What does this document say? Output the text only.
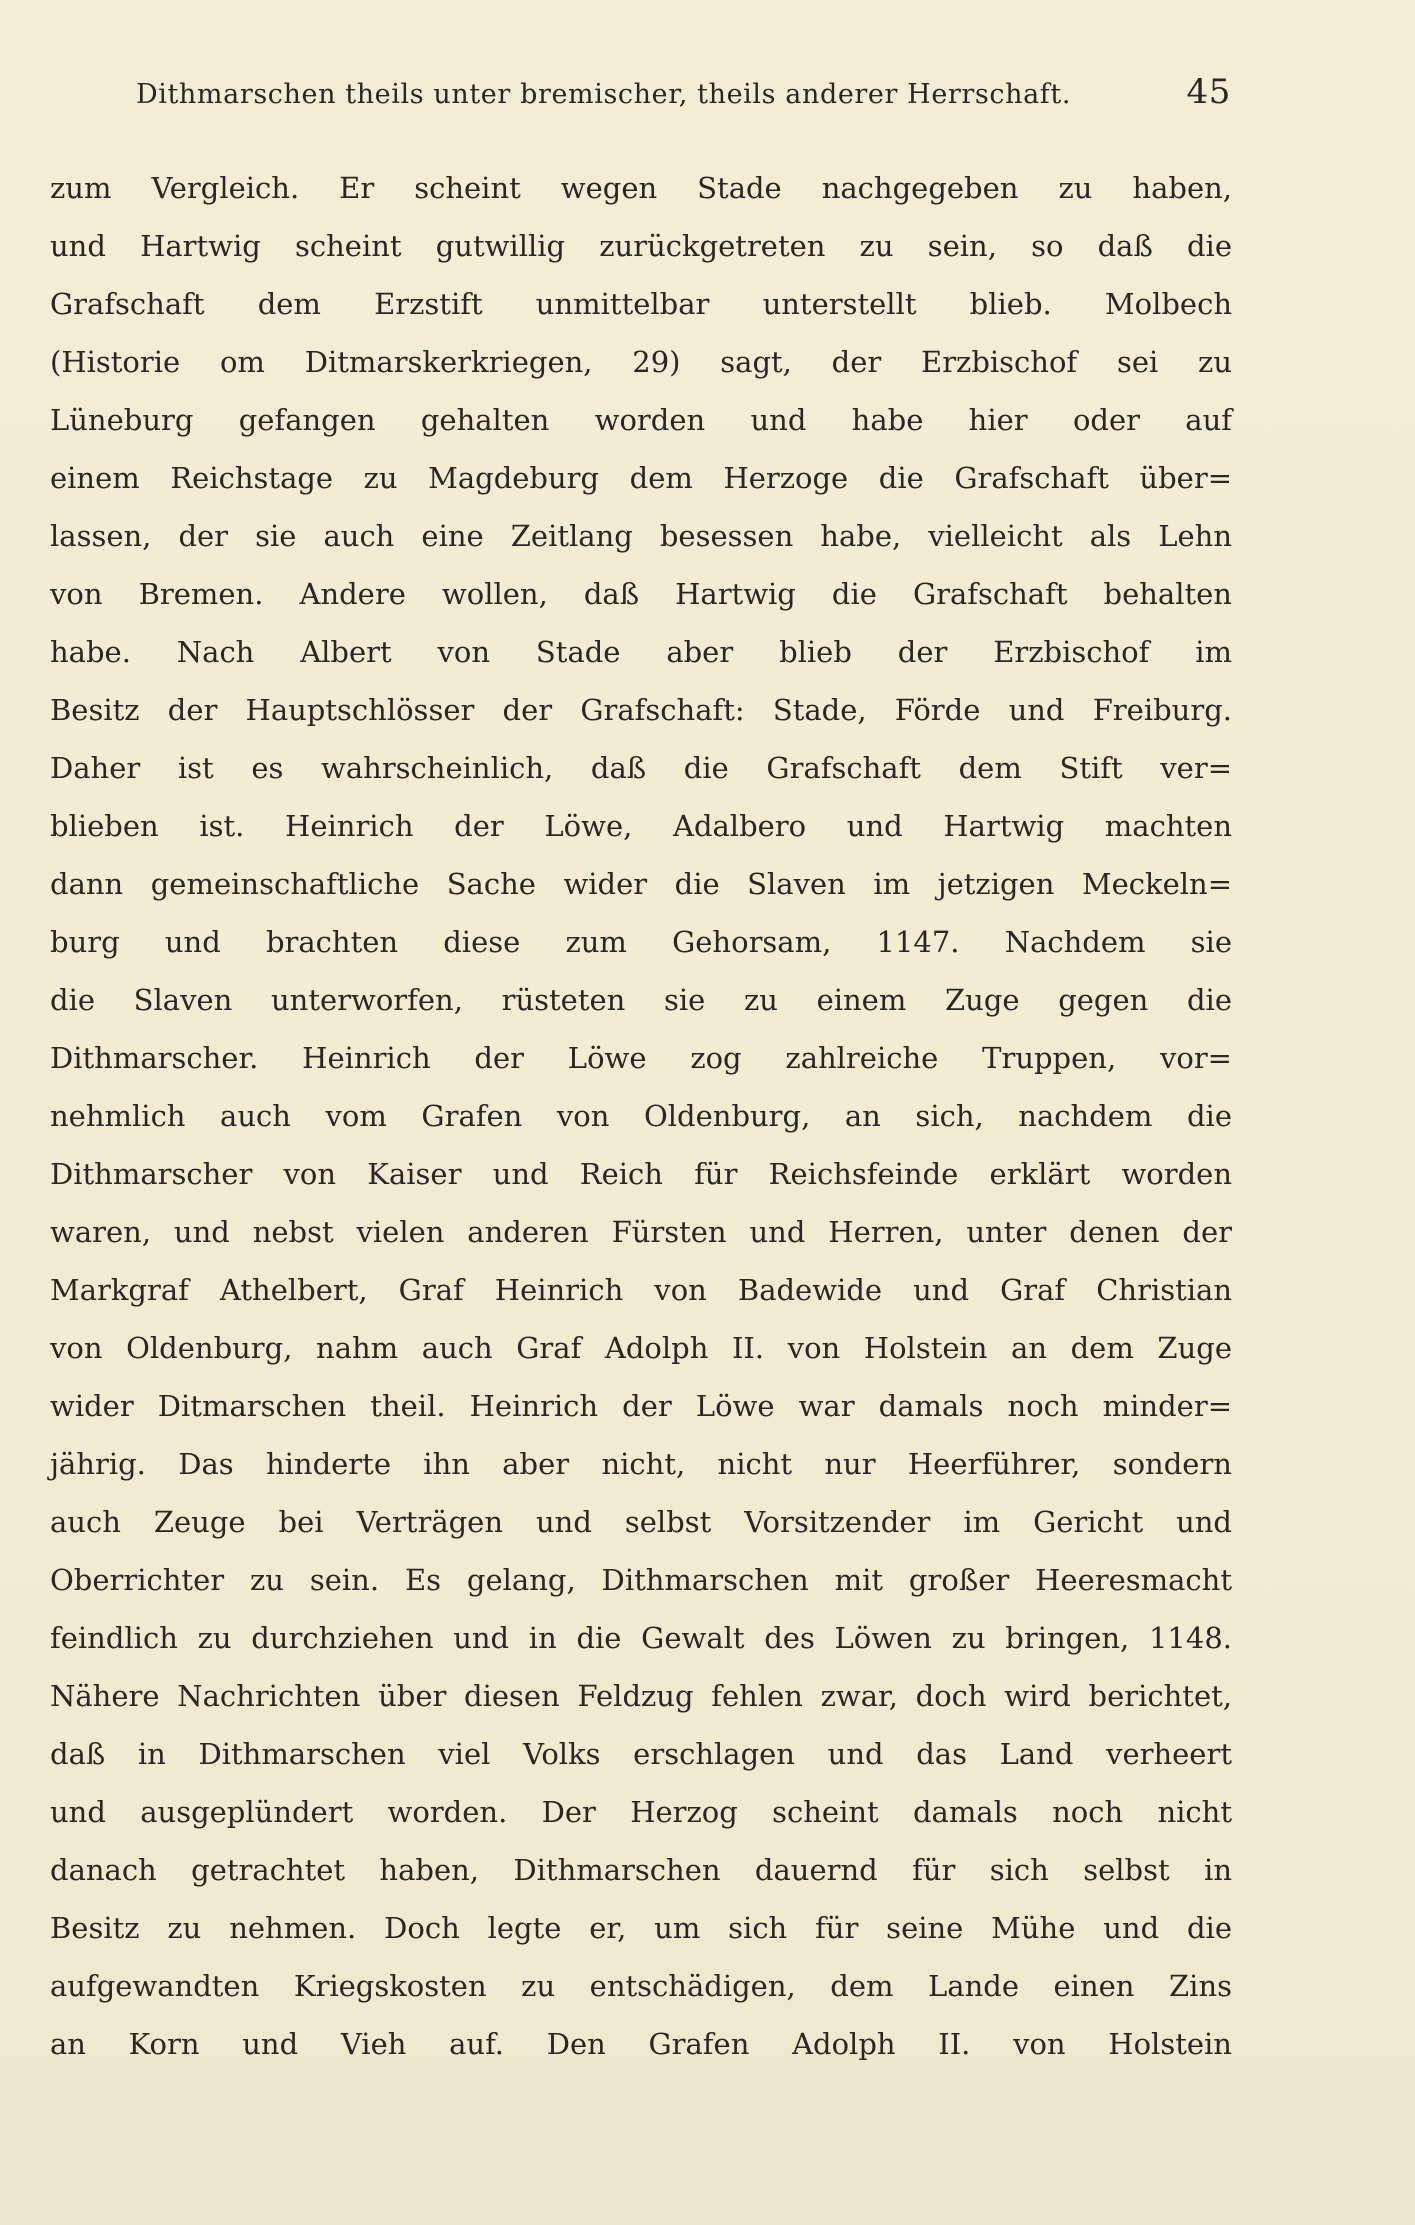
Dithmarschen theils unter bremischer, theils anderer Herrschaft.	45
zum Vergleich. Er scheint wegen Stade nachgegeben zu haben,
und Hartwig scheint gutwillig zurückgetreten zu sein, so daß die
Grafschaft dem Erzstift unmittelbar unterstellt blieb. Molbech
(Historie om Ditmarskerkriegen, 29) sagt, der Erzbischof sei zu
Lüneburg gefangen gehalten worden und habe hier oder auf
einem Reichstage zu Magdeburg dem Herzoge die Grafschaft über=
lassen, der sie auch eine Zeitlang besessen habe, vielleicht als Lehn
von Bremen. Andere wollen, daß Hartwig die Grafschaft behalten
habe. Nach Albert von Stade aber blieb der Erzbischof im
Besitz der Hauptschlösser der Grafschaft: Stade, Förde und Freiburg.
Daher ist es wahrscheinlich, daß die Grafschaft dem Stift ver=
blieben ist. Heinrich der Löwe, Adalbero und Hartwig machten
dann gemeinschaftliche Sache wider die Slaven im jetzigen Meckeln=
burg und brachten diese zum Gehorsam, 1147. Nachdem sie
die Slaven unterworfen, rüsteten sie zu einem Zuge gegen die
Dithmarscher. Heinrich der Löwe zog zahlreiche Truppen, vor=
nehmlich auch vom Grafen von Oldenburg, an sich, nachdem die
Dithmarscher von Kaiser und Reich für Reichsfeinde erklärt worden
waren, und nebst vielen anderen Fürsten und Herren, unter denen der
Markgraf Athelbert, Graf Heinrich von Badewide und Graf Christian
von Oldenburg, nahm auch Graf Adolph II. von Holstein an dem Zuge
wider Ditmarschen theil. Heinrich der Löwe war damals noch minder=
jährig. Das hinderte ihn aber nicht, nicht nur Heerführer, sondern
auch Zeuge bei Verträgen und selbst Vorsitzender im Gericht und
Oberrichter zu sein. Es gelang, Dithmarschen mit großer Heeresmacht
feindlich zu durchziehen und in die Gewalt des Löwen zu bringen, 1148.
Nähere Nachrichten über diesen Feldzug fehlen zwar, doch wird berichtet,
daß in Dithmarschen viel Volks erschlagen und das Land verheert
und ausgeplündert worden. Der Herzog scheint damals noch nicht
danach getrachtet haben, Dithmarschen dauernd für sich selbst in
Besitz zu nehmen. Doch legte er, um sich für seine Mühe und die
aufgewandten Kriegskosten zu entschädigen, dem Lande einen Zins
an Korn und Vieh auf. Den Grafen Adolph II. von Holstein
